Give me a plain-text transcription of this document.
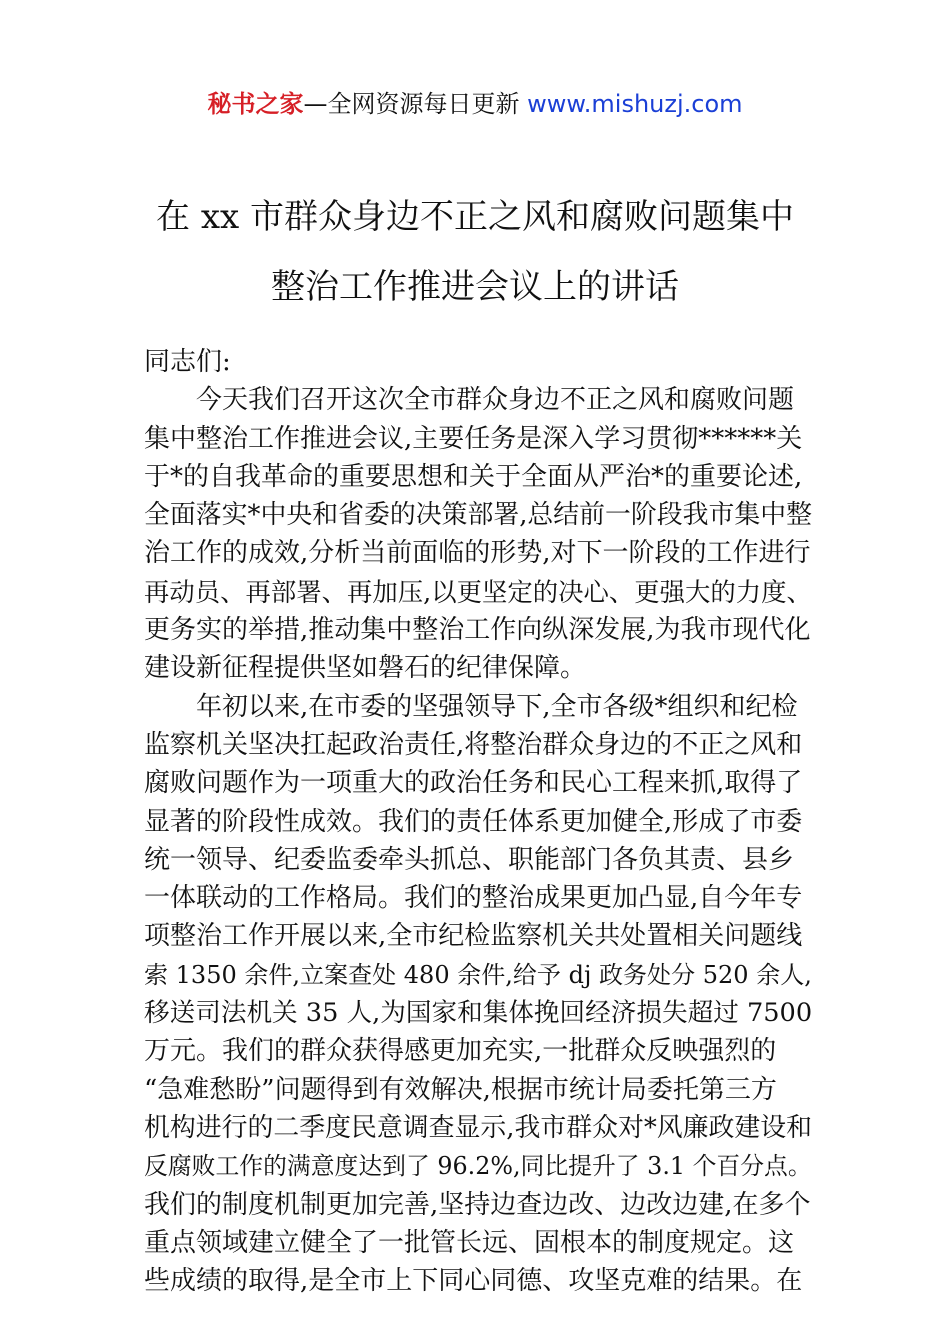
秘书之家—全网资源每日更新 www.mishuzj.com
在 xx 市群众身边不正之风和腐败问题集中
整治工作推进会议上的讲话

同志们:

今天我们召开这次全市群众身边不正之风和腐败问题
集中整治工作推进会议,主要任务是深入学习贯彻******关
于*的自我革命的重要思想和关于全面从严治*的重要论述,
全面落实*中央和省委的决策部署,总结前一阶段我市集中整
治工作的成效,分析当前面临的形势,对下一阶段的工作进行
再动员、再部署、再加压,以更坚定的决心、更强大的力度、
更务实的举措,推动集中整治工作向纵深发展,为我市现代化
建设新征程提供坚如磐石的纪律保障。

年初以来,在市委的坚强领导下,全市各级*组织和纪检
监察机关坚决扛起政治责任,将整治群众身边的不正之风和
腐败问题作为一项重大的政治任务和民心工程来抓,取得了
显著的阶段性成效。我们的责任体系更加健全,形成了市委
统一领导、纪委监委牵头抓总、职能部门各负其责、县乡
一体联动的工作格局。我们的整治成果更加凸显,自今年专
项整治工作开展以来,全市纪检监察机关共处置相关问题线
索 1350 余件,立案查处 480 余件,给予 dj 政务处分 520 余人,
移送司法机关 35 人,为国家和集体挽回经济损失超过 7500
万元。我们的群众获得感更加充实,一批群众反映强烈的
“急难愁盼”问题得到有效解决,根据市统计局委托第三方
机构进行的二季度民意调查显示,我市群众对*风廉政建设和
反腐败工作的满意度达到了 96.2%,同比提升了 3.1 个百分点。
我们的制度机制更加完善,坚持边查边改、边改边建,在多个
重点领域建立健全了一批管长远、固根本的制度规定。这
些成绩的取得,是全市上下同心同德、攻坚克难的结果。在
